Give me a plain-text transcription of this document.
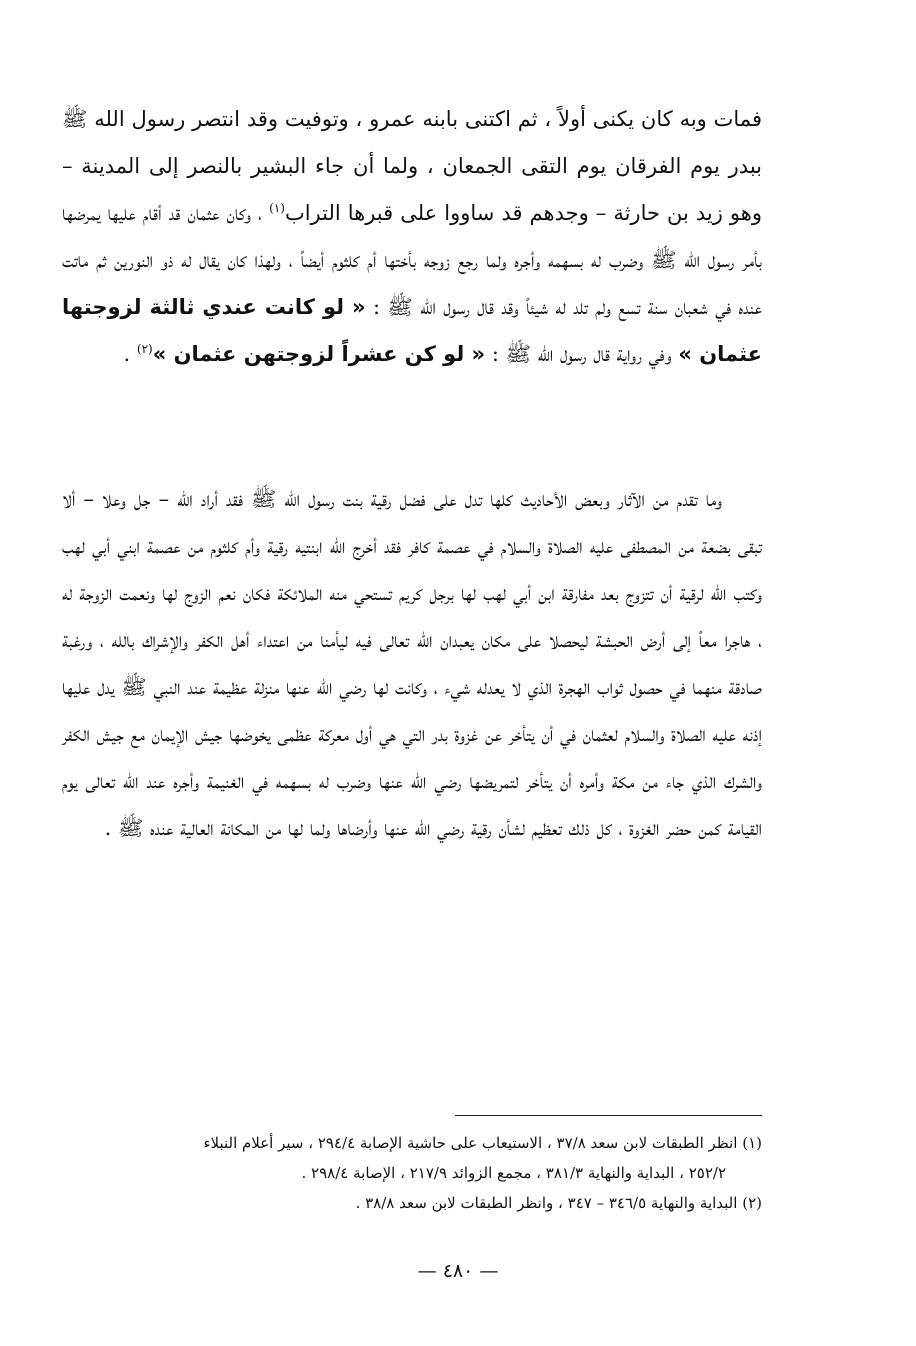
فمات وبه كان يكنى أولاً ، ثم اكتنى بابنه عمرو ، وتوفيت وقد انتصر رسول الله ﷺ ببدر يوم الفرقان يوم التقى الجمعان ، ولما أن جاء البشير بالنصر إلى المدينة – وهو زيد بن حارثة – وجدهم قد ساووا على قبرها التراب$^{(١)}$ ، وكان عثمان قد أقام عليها يمرضها بأمر رسول الله ﷺ وضرب له بسهمه وأجره ولما رجع زوجه بأختها أم كلثوم أيضاً ، ولهذا كان يقال له ذو النورين ثم ماتت عنده في شعبان سنة تسع ولم تلد له شيئاً وقد قال رسول الله ﷺ : « لو كانت عندي ثالثة لزوجتها عثمان » وفي رواية قال رسول الله ﷺ : « لو كن عشراً لزوجتهن عثمان »$^{(٢)}$ .
وما تقدم من الآثار وبعض الأحاديث كلها تدل على فضل رقية بنت رسول الله ﷺ فقد أراد الله – جل وعلا – ألا تبقى بضعة من المصطفى عليه الصلاة والسلام في عصمة كافر فقد أخرج الله ابنتيه رقية وأم كلثوم من عصمة ابني أبي لهب وكتب الله لرقية أن تتزوج بعد مفارقة ابن أبي لهب لها برجل كريم تستحي منه الملائكة فكان نعم الزوج لها ونعمت الزوجة له ، هاجرا معاً إلى أرض الحبشة ليحصلا على مكان يعبدان الله تعالى فيه ليأمنا من اعتداء أهل الكفر والإشراك بالله ، ورغبة صادقة منهما في حصول ثواب الهجرة الذي لا يعدله شيء ، وكانت لها رضي الله عنها منزلة عظيمة عند النبي ﷺ يدل عليها إذنه عليه الصلاة والسلام لعثمان في أن يتأخر عن غزوة بدر التي هي أول معركة عظمى يخوضها جيش الإيمان مع جيش الكفر والشرك الذي جاء من مكة وأمره أن يتأخر لتمريضها رضي الله عنها وضرب له بسهمه في الغنيمة وأجره عند الله تعالى يوم القيامة كمن حضر الغزوة ، كل ذلك تعظيم لشأن رقية رضي الله عنها وأرضاها ولما لها من المكانة العالية عنده ﷺ .
(١) انظر الطبقات لابن سعد ٣٧/٨ ، الاستيعاب على حاشية الإصابة ٢٩٤/٤ ، سير أعلام النبلاء
٢٥٢/٢ ، البداية والنهاية ٣٨١/٣ ، مجمع الزوائد ٢١٧/٩ ، الإصابة ٢٩٨/٤ .
(٢) البداية والنهاية ٣٤٦/٥ – ٣٤٧ ، وانظر الطبقات لابن سعد ٣٨/٨ .
— ٤٨٠ —
